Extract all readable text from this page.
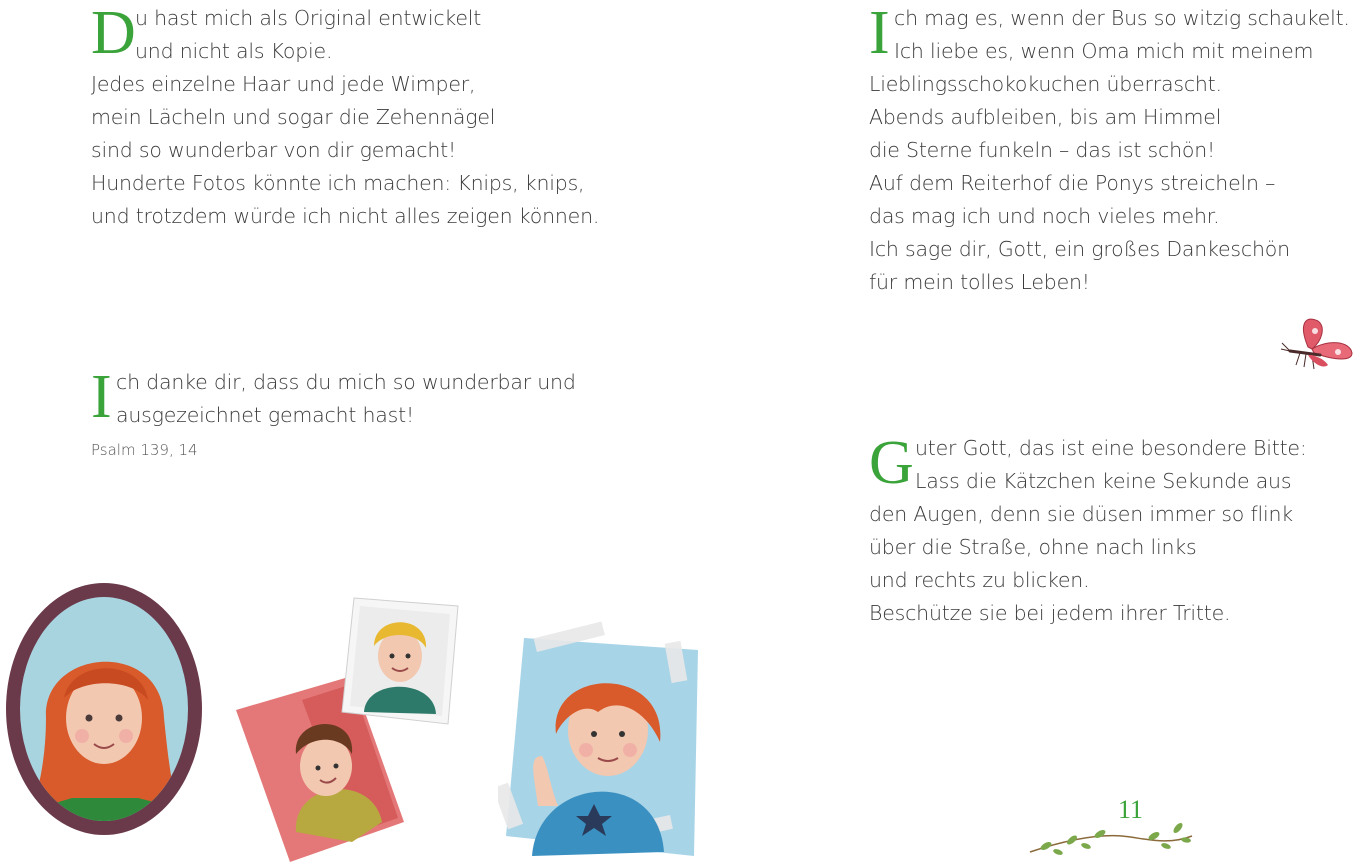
D u hast mich als Original entwickelt
und nicht als Kopie.
Jedes einzelne Haar und jede Wimper,
mein Lächeln und sogar die Zehennägel
sind so wunderbar von dir gemacht!
Hunderte Fotos könnte ich machen: Knips, knips,
und trotzdem würde ich nicht alles zeigen können.
I ch mag es, wenn der Bus so witzig schaukelt.
Ich liebe es, wenn Oma mich mit meinem
Lieblingsschokokuchen überrascht.
Abends aufbleiben, bis am Himmel
die Sterne funkeln – das ist schön!
Auf dem Reiterhof die Ponys streicheln –
das mag ich und noch vieles mehr.
Ich sage dir, Gott, ein großes Dankeschön
für mein tolles Leben!
I ch danke dir, dass du mich so wunderbar und
ausgezeichnet gemacht hast!
Psalm 139, 14	G uter Gott, das ist eine besondere Bitte:
Lass die Kätzchen keine Sekunde aus
den Augen, denn sie düsen immer so flink
über die Straße, ohne nach links
und rechts zu blicken.
Beschütze sie bei jedem ihrer Tritte.
11
